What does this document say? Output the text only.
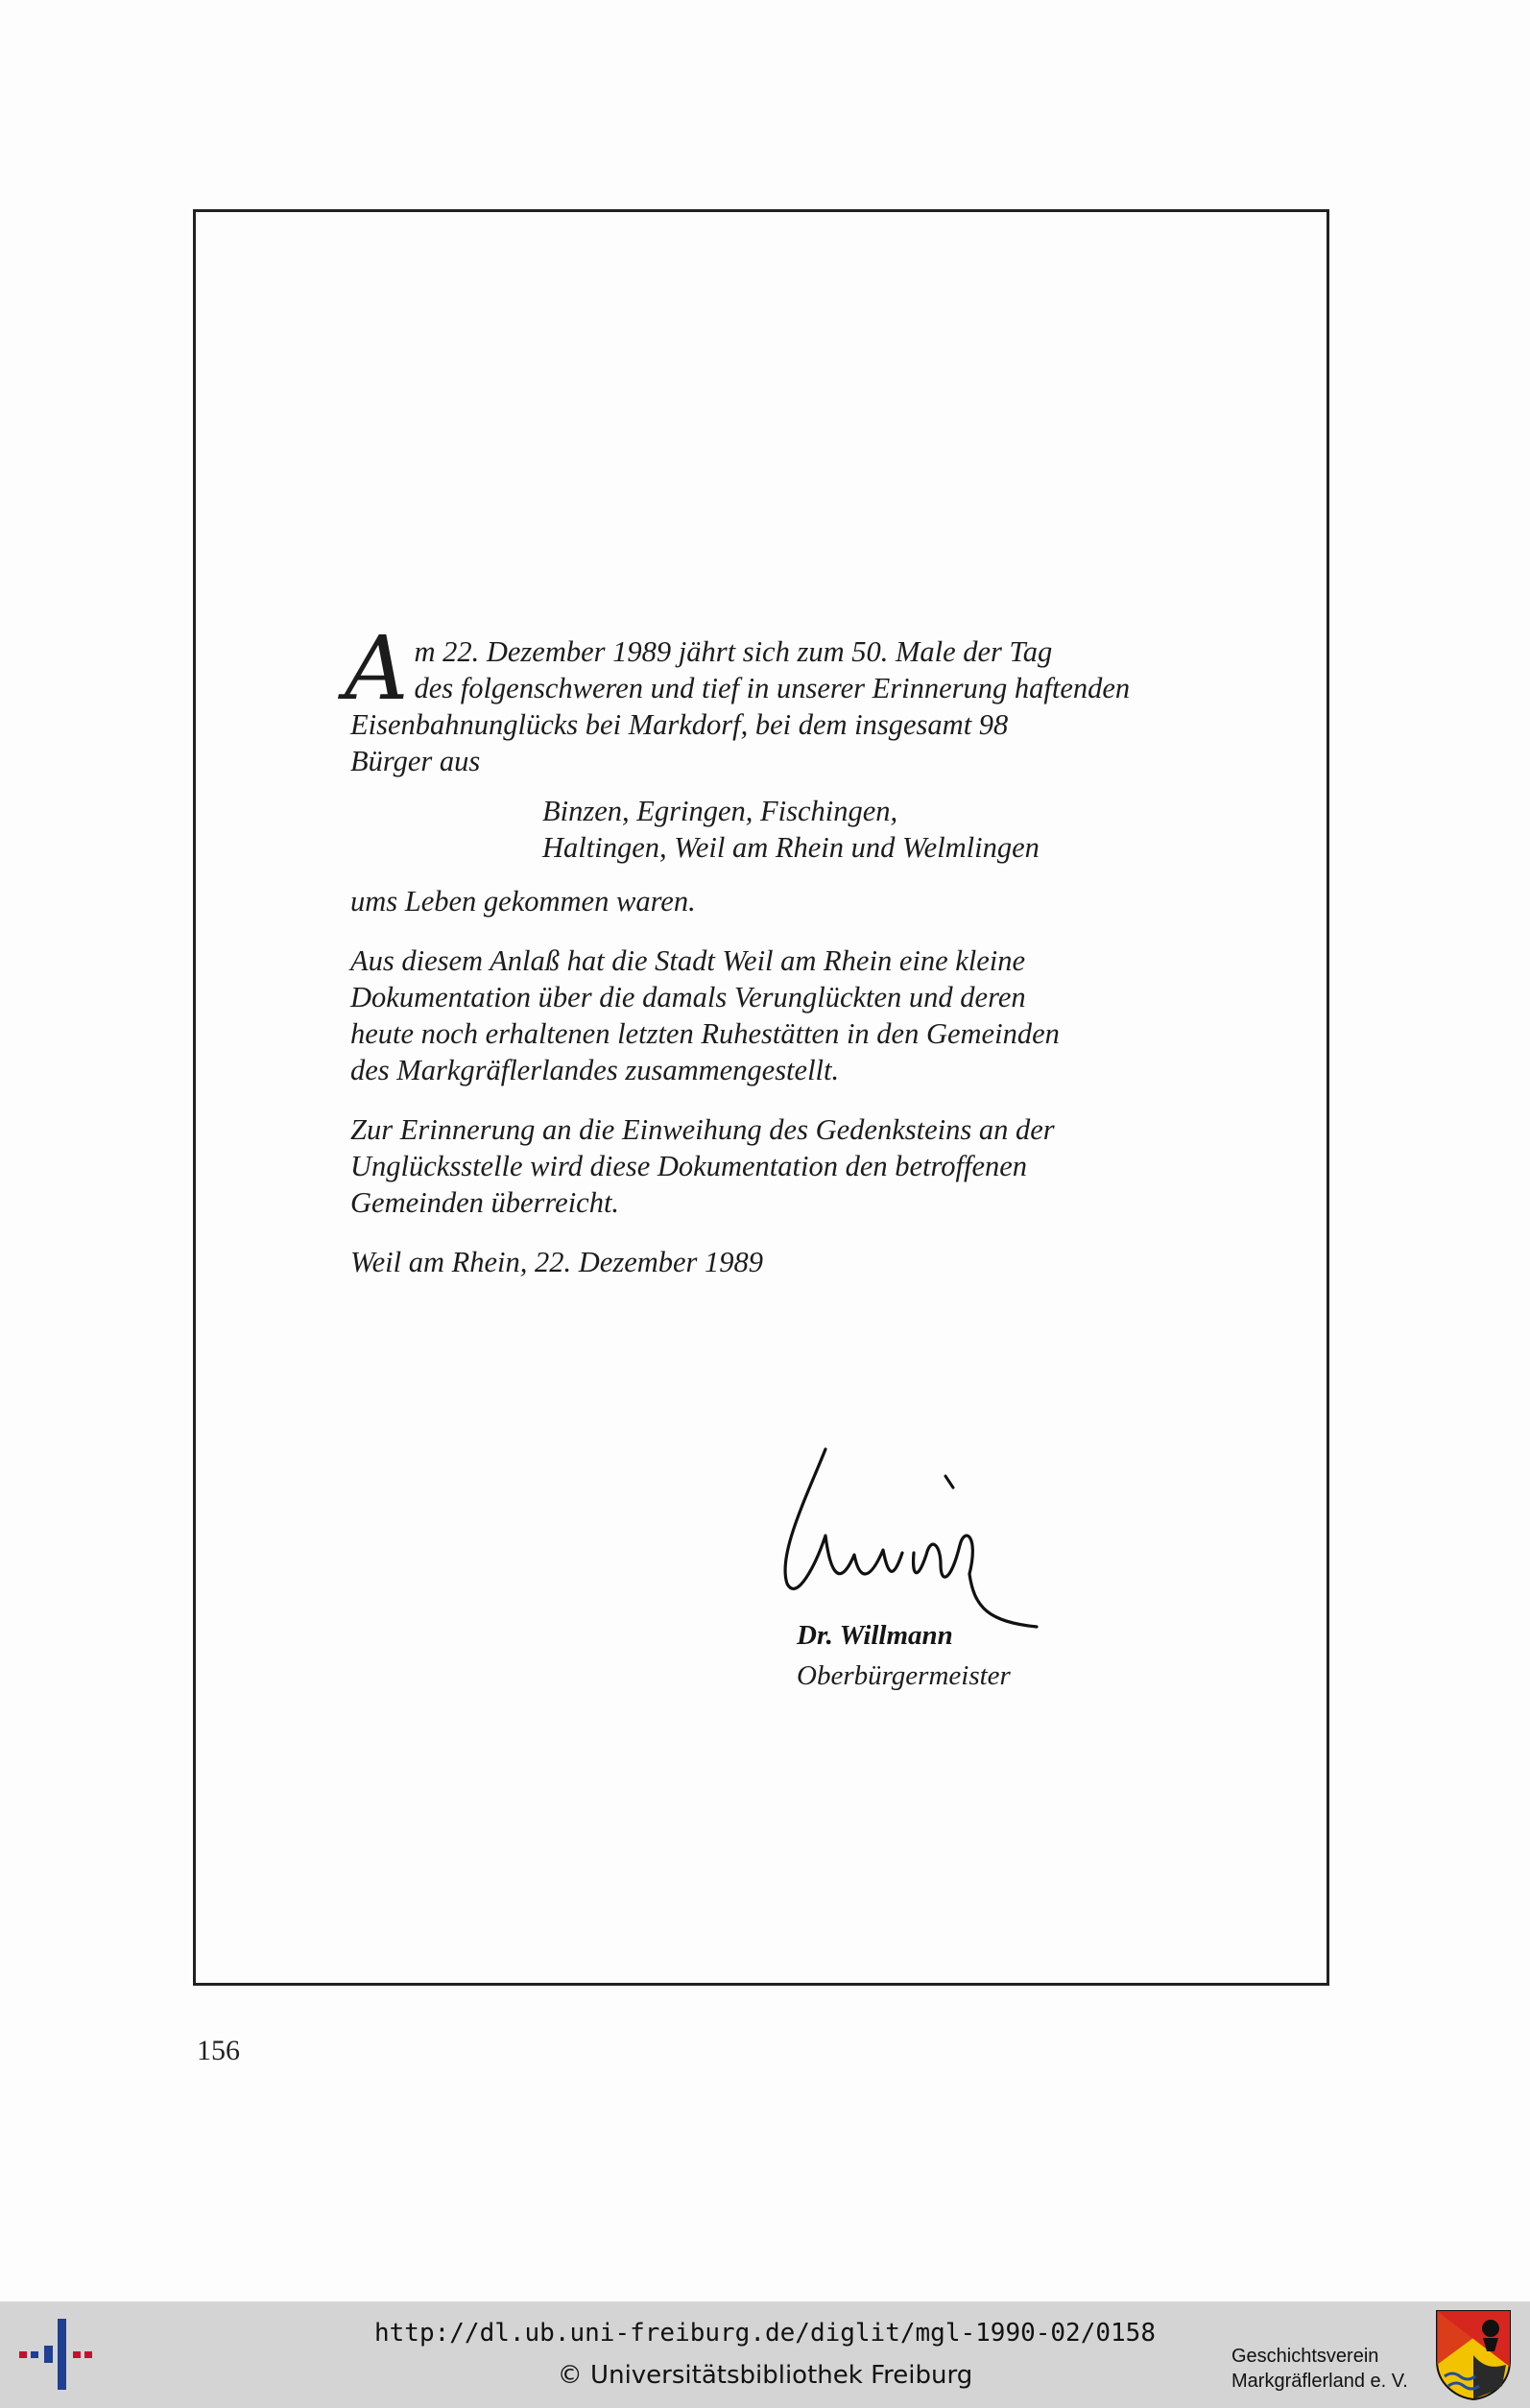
A m 22. Dezember 1989 jährt sich zum 50. Male der Tag
des folgenschweren und tief in unserer Erinnerung haftenden
Eisenbahnunglücks bei Markdorf, bei dem insgesamt 98
Bürger aus

Binzen, Egringen, Fischingen,
Haltingen, Weil am Rhein und Welmlingen

ums Leben gekommen waren.

Aus diesem Anlaß hat die Stadt Weil am Rhein eine kleine
Dokumentation über die damals Verunglückten und deren
heute noch erhaltenen letzten Ruhestätten in den Gemeinden
des Markgräflerlandes zusammengestellt.

Zur Erinnerung an die Einweihung des Gedenksteins an der
Unglücksstelle wird diese Dokumentation den betroffenen
Gemeinden überreicht.

Weil am Rhein, 22. Dezember 1989

Dr. Willmann
Oberbürgermeister
156
http://dl.ub.uni-freiburg.de/diglit/mgl-1990-02/0158
© Universitätsbibliothek Freiburg
Geschichtsverein
Markgräflerland e. V.
